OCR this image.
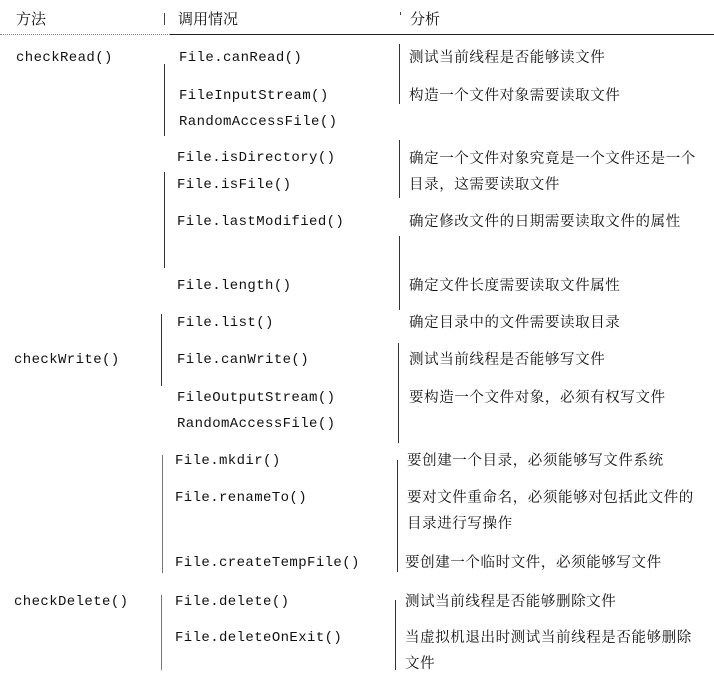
方法	调用情况	分析
checkRead()
checkWrite()
checkDelete()
File.canRead()
FileInputStream()
RandomAccessFile()
File.isDirectory()
File.isFile()
File.lastModified()
File.length()
File.list()
File.canWrite()
FileOutputStream()
RandomAccessFile()
File.mkdir()
File.renameTo()
File.createTempFile()
File.delete()
File.deleteOnExit()
测试当前线程是否能够读文件
构造一个文件对象需要读取文件
确定一个文件对象究竟是一个文件还是一个目录，这需要读取文件
确定修改文件的日期需要读取文件的属性
确定文件长度需要读取文件属性
确定目录中的文件需要读取目录
测试当前线程是否能够写文件
要构造一个文件对象，必须有权写文件
要创建一个目录，必须能够写文件系统
要对文件重命名，必须能够对包括此文件的目录进行写操作
要创建一个临时文件，必须能够写文件
测试当前线程是否能够删除文件
当虚拟机退出时测试当前线程是否能够删除文件
